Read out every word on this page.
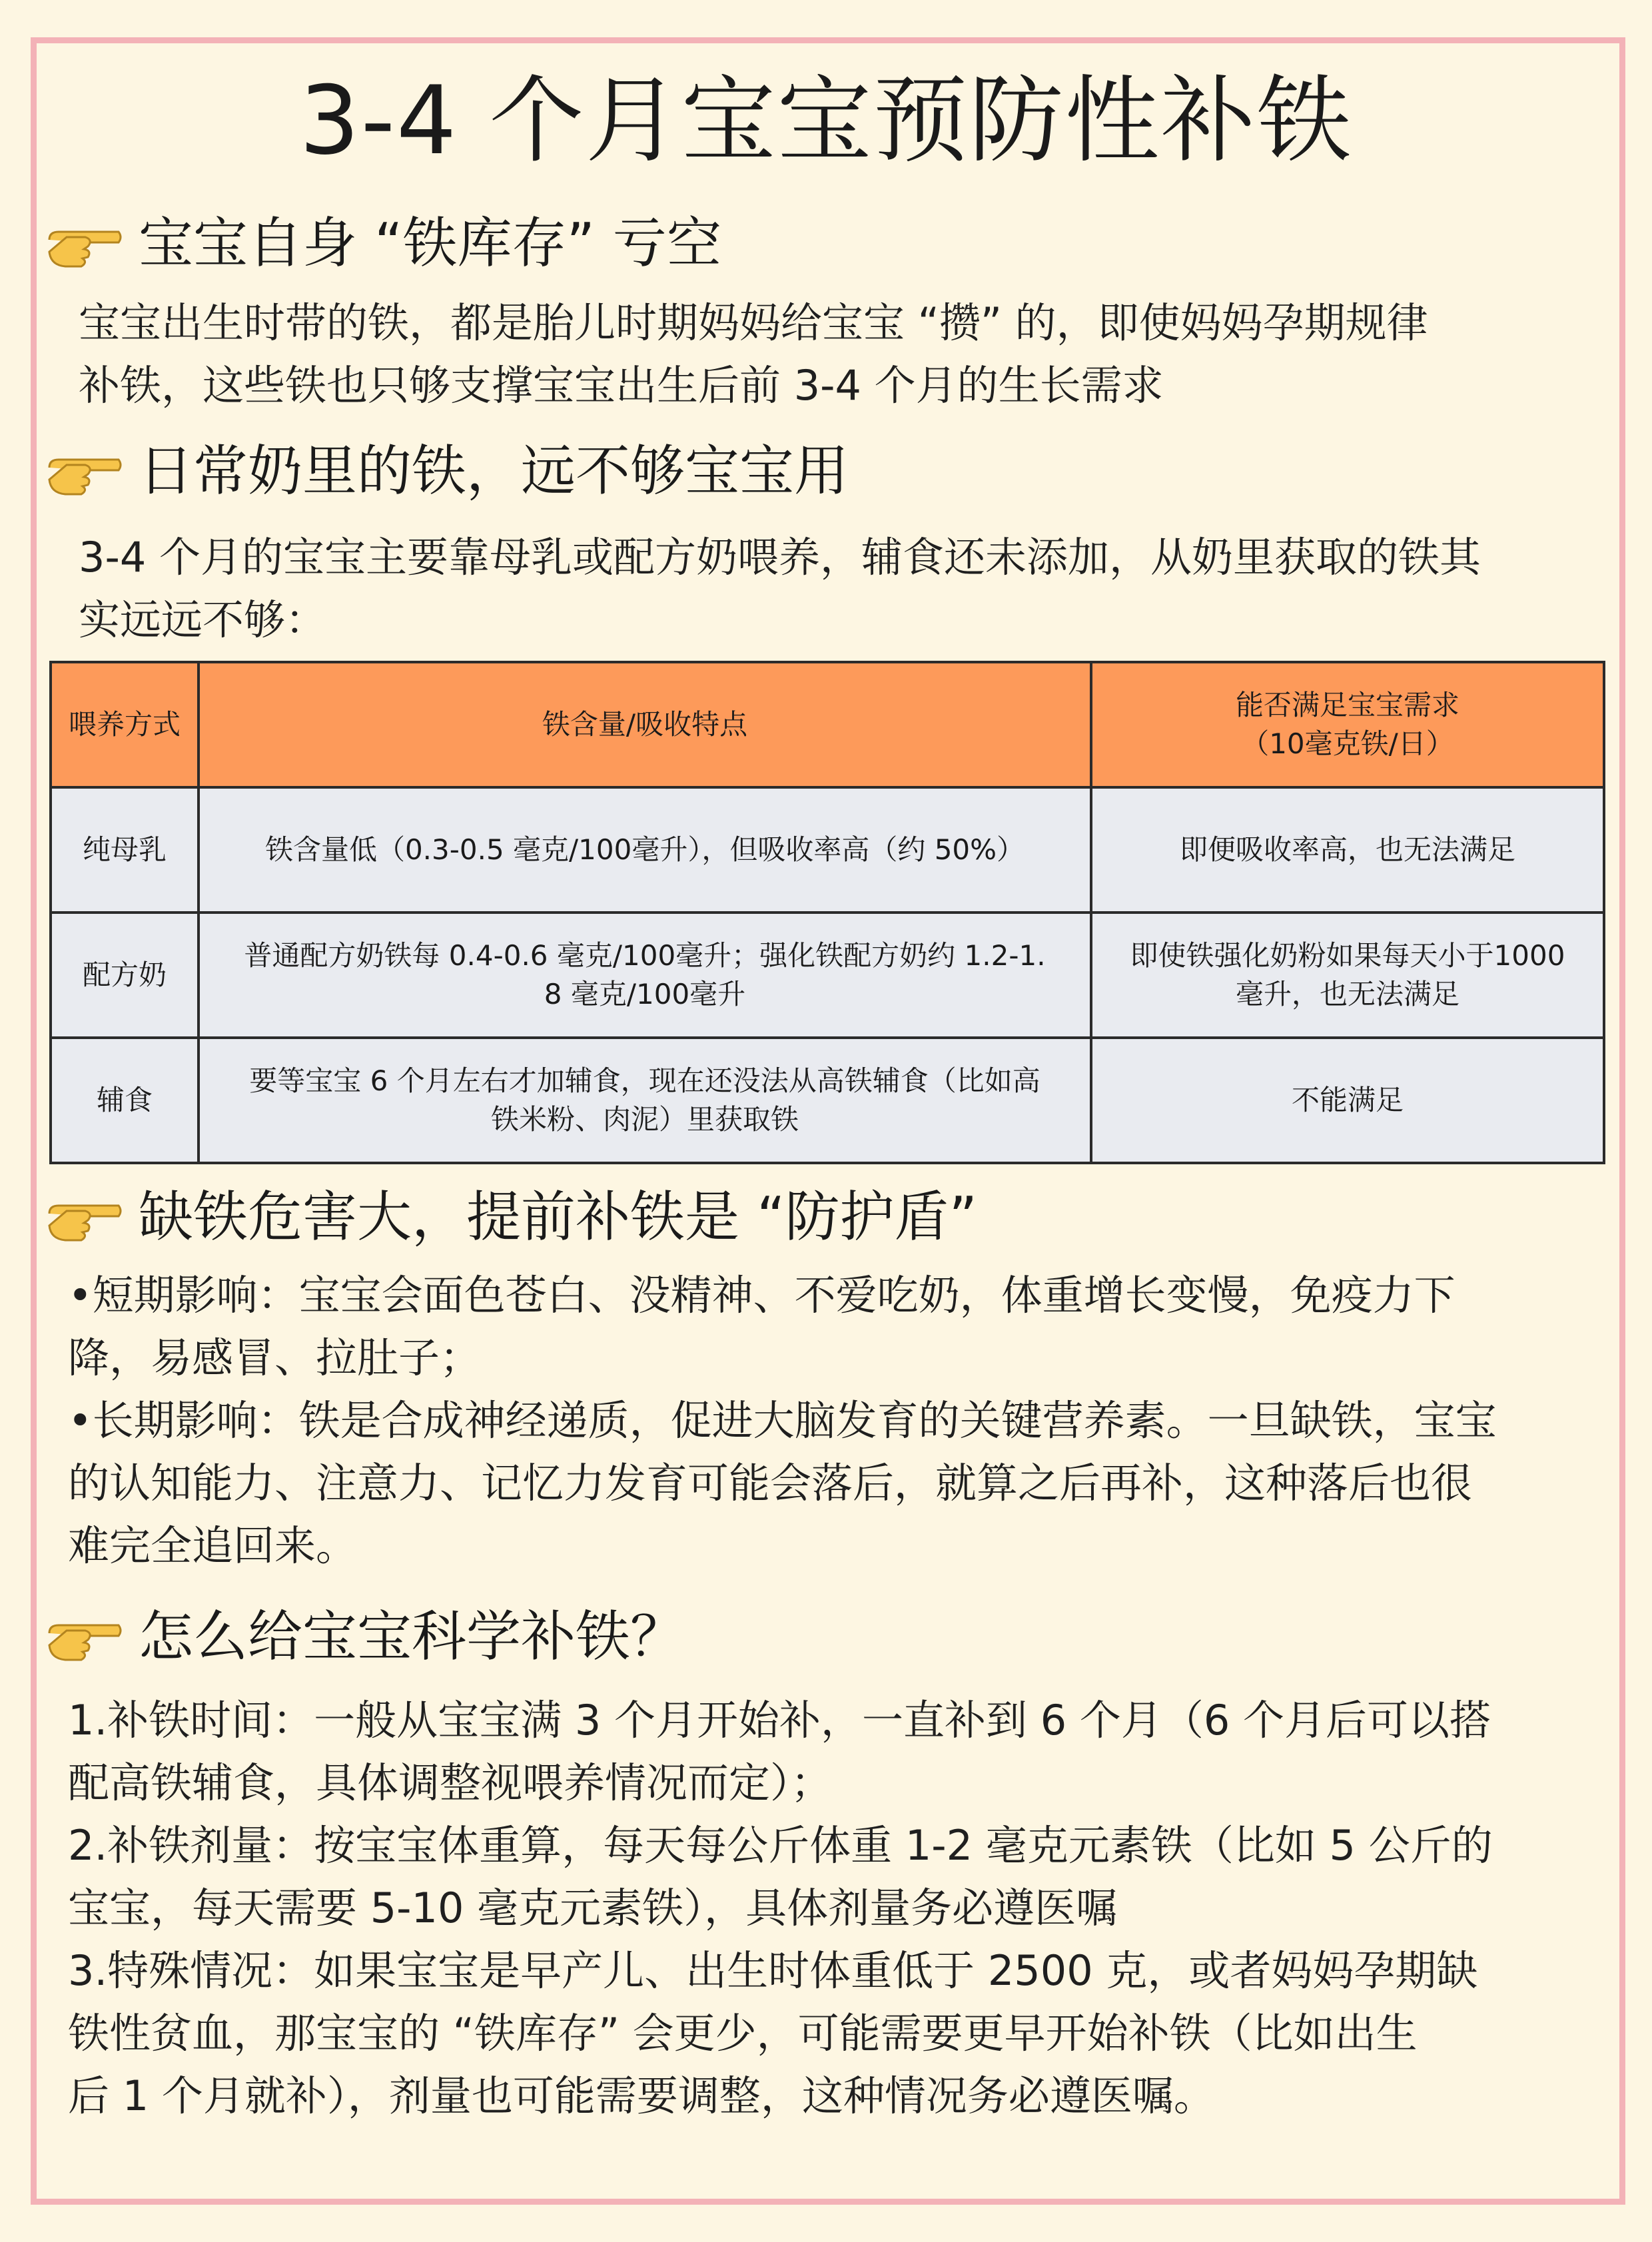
3-4 个月宝宝预防性补铁
宝宝自身 “铁库存” 亏空

宝宝出生时带的铁，都是胎儿时期妈妈给宝宝 “攒” 的，即使妈妈孕期规律
补铁，这些铁也只够支撑宝宝出生后前 3-4 个月的生长需求

日常奶里的铁，远不够宝宝用

3-4 个月的宝宝主要靠母乳或配方奶喂养，辅食还未添加，从奶里获取的铁其
实远远不够：

喂养方式	铁含量/吸收特点	能否满足宝宝需求
（10毫克铁/日）

纯母乳	铁含量低（0.3-0.5 毫克/100毫升），但吸收率高（约 50%）	即便吸收率高，也无法满足

配方奶	普通配方奶铁每 0.4-0.6 毫克/100毫升；强化铁配方奶约 1.2-1.
8 毫克/100毫升	即使铁强化奶粉如果每天小于1000
毫升，也无法满足

辅食	要等宝宝 6 个月左右才加辅食，现在还没法从高铁辅食（比如高
铁米粉、肉泥）里获取铁	不能满足
缺铁危害大，提前补铁是 “防护盾”

•短期影响：宝宝会面色苍白、没精神、不爱吃奶，体重增长变慢，免疫力下
降，易感冒、拉肚子；
•长期影响：铁是合成神经递质，促进大脑发育的关键营养素。一旦缺铁，宝宝
的认知能力、注意力、记忆力发育可能会落后，就算之后再补，这种落后也很
难完全追回来。

怎么给宝宝科学补铁？

1.补铁时间：一般从宝宝满 3 个月开始补，一直补到 6 个月（6 个月后可以搭
配高铁辅食，具体调整视喂养情况而定）；
2.补铁剂量：按宝宝体重算，每天每公斤体重 1-2 毫克元素铁（比如 5 公斤的
宝宝，每天需要 5-10 毫克元素铁），具体剂量务必遵医嘱
3.特殊情况：如果宝宝是早产儿、出生时体重低于 2500 克，或者妈妈孕期缺
铁性贫血，那宝宝的 “铁库存” 会更少，可能需要更早开始补铁（比如出生
后 1 个月就补），剂量也可能需要调整，这种情况务必遵医嘱。
